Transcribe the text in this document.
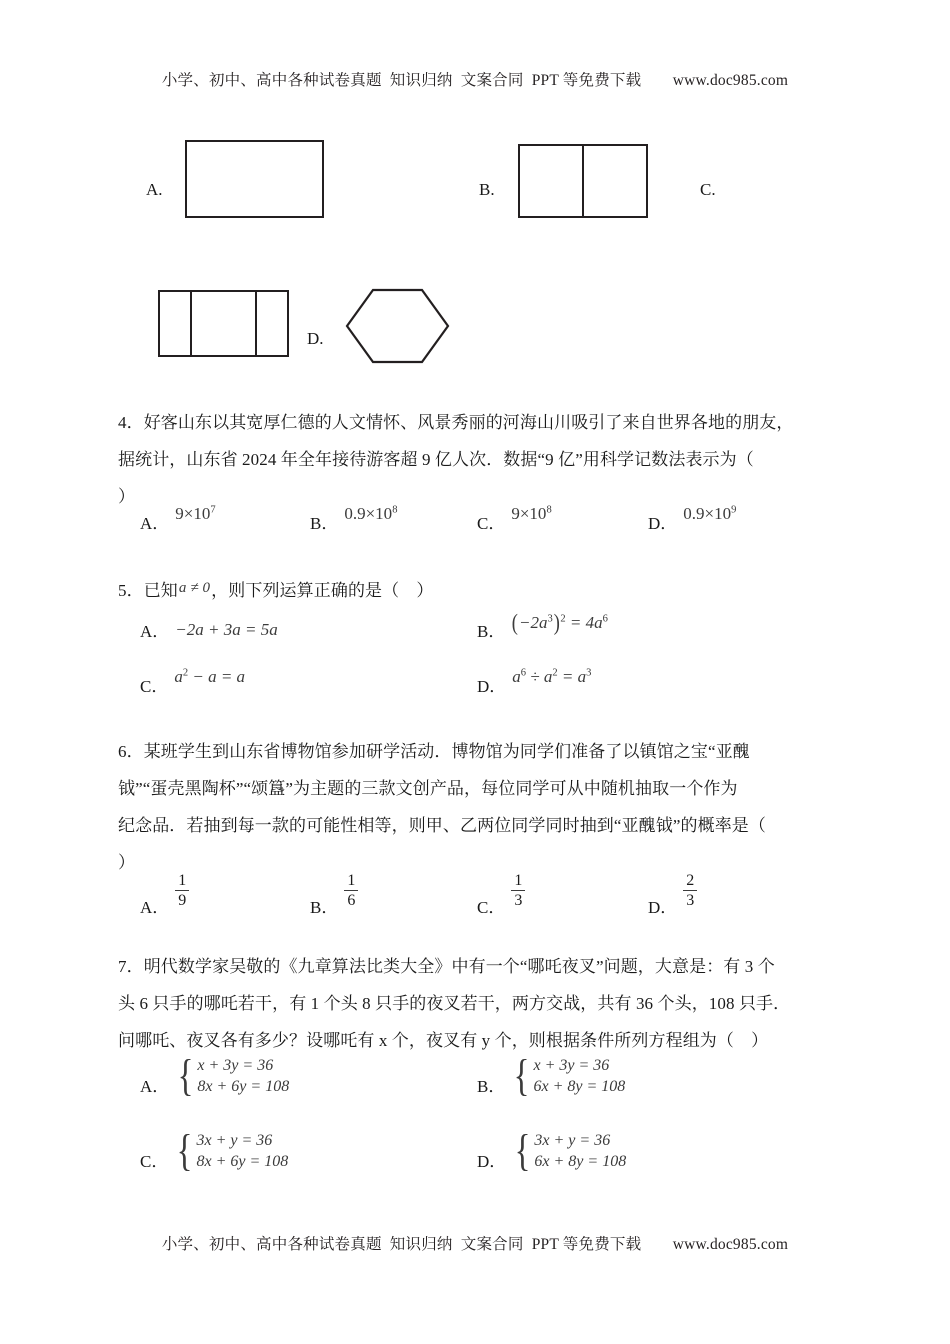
小学、初中、高中各种试卷真题  知识归纳  文案合同  PPT 等免费下载　　www.doc985.com
A.	B.	C.
D.
4．好客山东以其宽厚仁德的人文情怀、风景秀丽的河海山川吸引了来自世界各地的朋友，
据统计，山东省 2024 年全年接待游客超 9 亿人次．数据“9 亿”用科学记数法表示为（
）
A．
$9\times 10^7$
B．
$0.9\times 10^8$
C．
$9\times 10^8$
D．
$0.9\times 10^9$
5．已知 a ≠ 0 ，则下列运算正确的是（　）
A． −2a + 3a = 5a	B． $(-2a^3)^2 = 4a^6$
C．
$a^2 - a = a$
D．
$a^6 \div a^2 = a^3$
6．某班学生到山东省博物馆参加研学活动．博物馆为同学们准备了以镇馆之宝“亚醜
钺”“蛋壳黑陶杯”“颂簋”为主题的三款文创产品，每位同学可从中随机抽取一个作为
纪念品．若抽到每一款的可能性相等，则甲、乙两位同学同时抽到“亚醜钺”的概率是（
）
A． $\frac{1}{9}$	B． $\frac{1}{6}$	C． $\frac{1}{3}$	D． $\frac{2}{3}$
7．明代数学家吴敬的《九章算法比类大全》中有一个“哪吒夜叉”问题，大意是：有 3 个
头 6 只手的哪吒若干，有 1 个头 8 只手的夜叉若干，两方交战，共有 36 个头，108 只手．
问哪吒、夜叉各有多少？设哪吒有 x 个，夜叉有 y 个，则根据条件所列方程组为（　）
A． { x + 3y = 36
8x + 6y = 108	B． { x + 3y = 36
6x + 8y = 108
C． { 3x + y = 36
8x + 6y = 108	D． { 3x + y = 36
6x + 8y = 108
小学、初中、高中各种试卷真题  知识归纳  文案合同  PPT 等免费下载　　www.doc985.com
